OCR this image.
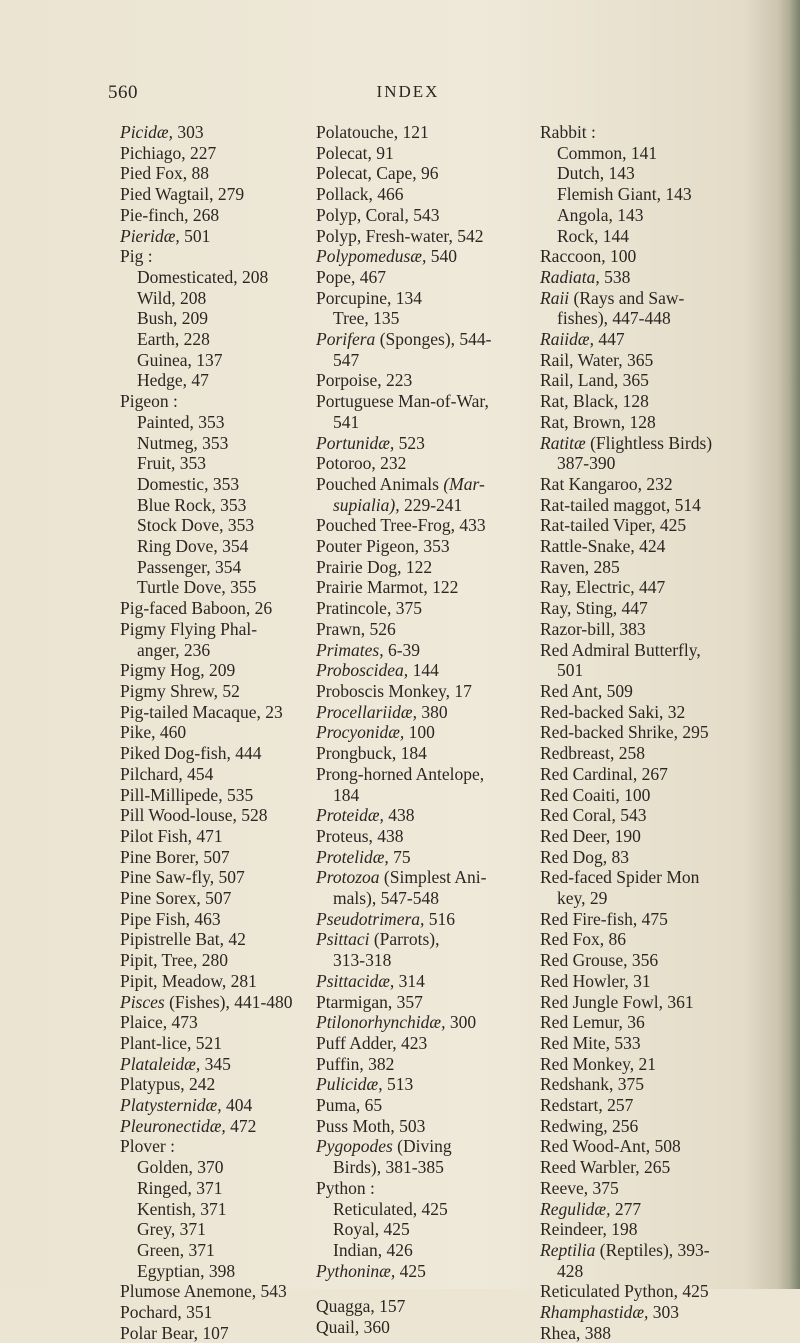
560	INDEX
Picidæ, 303
Pichiago, 227
Pied Fox, 88
Pied Wagtail, 279
Pie-finch, 268
Pieridæ, 501
Pig :
Domesticated, 208
Wild, 208
Bush, 209
Earth, 228
Guinea, 137
Hedge, 47
Pigeon :
Painted, 353
Nutmeg, 353
Fruit, 353
Domestic, 353
Blue Rock, 353
Stock Dove, 353
Ring Dove, 354
Passenger, 354
Turtle Dove, 355
Pig-faced Baboon, 26
Pigmy Flying Phal-
anger, 236
Pigmy Hog, 209
Pigmy Shrew, 52
Pig-tailed Macaque, 23
Pike, 460
Piked Dog-fish, 444
Pilchard, 454
Pill-Millipede, 535
Pill Wood-louse, 528
Pilot Fish, 471
Pine Borer, 507
Pine Saw-fly, 507
Pine Sorex, 507
Pipe Fish, 463
Pipistrelle Bat, 42
Pipit, Tree, 280
Pipit, Meadow, 281
Pisces (Fishes), 441-480
Plaice, 473
Plant-lice, 521
Plataleidæ, 345
Platypus, 242
Platysternidæ, 404
Pleuronectidæ, 472
Plover :
Golden, 370
Ringed, 371
Kentish, 371
Grey, 371
Green, 371
Egyptian, 398
Plumose Anemone, 543
Pochard, 351
Polar Bear, 107
Polatouche, 121
Polecat, 91
Polecat, Cape, 96
Pollack, 466
Polyp, Coral, 543
Polyp, Fresh-water, 542
Polypomedusæ, 540
Pope, 467
Porcupine, 134
Tree, 135
Porifera (Sponges), 544-
547
Porpoise, 223
Portuguese Man-of-War,
541
Portunidæ, 523
Potoroo, 232
Pouched Animals (Mar-
supialia), 229-241
Pouched Tree-Frog, 433
Pouter Pigeon, 353
Prairie Dog, 122
Prairie Marmot, 122
Pratincole, 375
Prawn, 526
Primates, 6-39
Proboscidea, 144
Proboscis Monkey, 17
Procellariidæ, 380
Procyonidæ, 100
Prongbuck, 184
Prong-horned Antelope,
184
Proteidæ, 438
Proteus, 438
Protelidæ, 75
Protozoa (Simplest Ani-
mals), 547-548
Pseudotrimera, 516
Psittaci (Parrots),
313-318
Psittacidæ, 314
Ptarmigan, 357
Ptilonorhynchidæ, 300
Puff Adder, 423
Puffin, 382
Pulicidæ, 513
Puma, 65
Puss Moth, 503
Pygopodes (Diving
Birds), 381-385
Python :
Reticulated, 425
Royal, 425
Indian, 426
Pythoninæ, 425
Quagga, 157
Quail, 360
Rabbit :
Common, 141
Dutch, 143
Flemish Giant, 143
Angola, 143
Rock, 144
Raccoon, 100
Radiata, 538
Raii (Rays and Saw-
fishes), 447-448
Raiidæ, 447
Rail, Water, 365
Rail, Land, 365
Rat, Black, 128
Rat, Brown, 128
Ratitæ (Flightless Birds)
387-390
Rat Kangaroo, 232
Rat-tailed maggot, 514
Rat-tailed Viper, 425
Rattle-Snake, 424
Raven, 285
Ray, Electric, 447
Ray, Sting, 447
Razor-bill, 383
Red Admiral Butterfly,
501
Red Ant, 509
Red-backed Saki, 32
Red-backed Shrike, 295
Redbreast, 258
Red Cardinal, 267
Red Coaiti, 100
Red Coral, 543
Red Deer, 190
Red Dog, 83
Red-faced Spider Mon
key, 29
Red Fire-fish, 475
Red Fox, 86
Red Grouse, 356
Red Howler, 31
Red Jungle Fowl, 361
Red Lemur, 36
Red Mite, 533
Red Monkey, 21
Redshank, 375
Redstart, 257
Redwing, 256
Red Wood-Ant, 508
Reed Warbler, 265
Reeve, 375
Regulidæ, 277
Reindeer, 198
Reptilia (Reptiles), 393-
428
Reticulated Python, 425
Rhamphastidæ, 303
Rhea, 388
